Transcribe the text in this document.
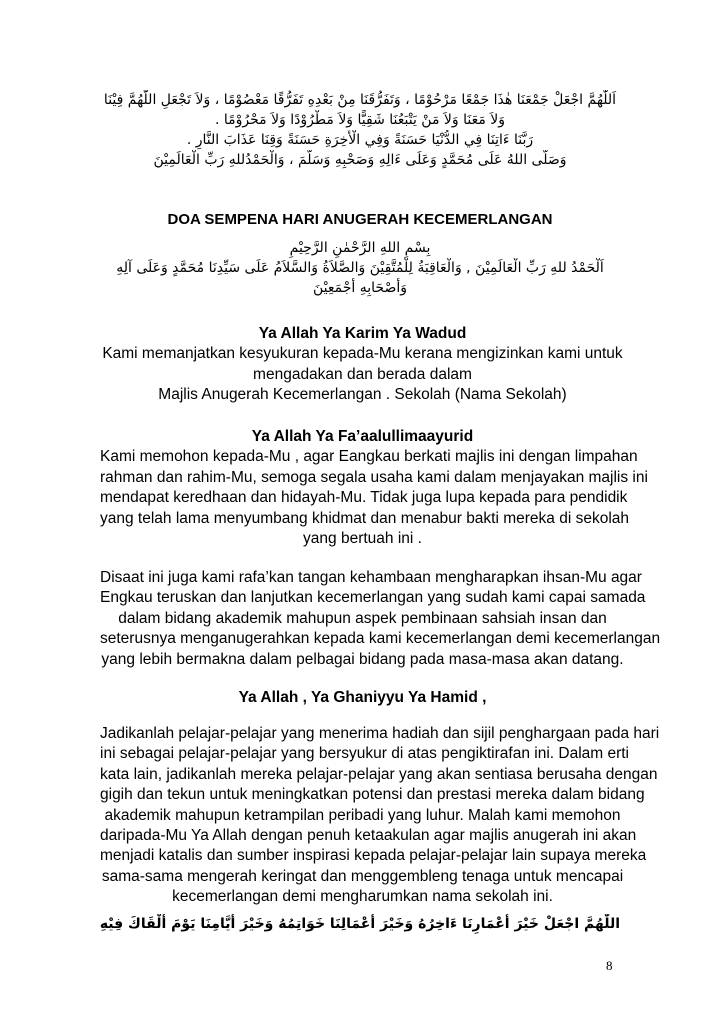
اَللّٰهُمَّ اجْعَلْ جَمْعَنَا هٰذَا جَمْعًا مَرْحُوْمًا ، وَتَفَرُّقَنَا مِنْ بَعْدِهِ تَفَرُّقًا مَعْصُوْمًا ، وَلاَ تَجْعَلِ اللّٰهُمَّ فِيْنَا
وَلاَ مَعَنَا وَلاَ مَنْ يَتْبَعُنَا شَقِيًّا وَلاَ مَطْرُوْدًا وَلاَ مَحْرُوْمًا .
رَبَّنَا ءَاتِنَا فِي الدُّنْيَا حَسَنَةً وَفِي الْأَخِرَةِ حَسَنَةً وَقِنَا عَذَابَ النَّارِ .
وَصَلَّى اللهُ عَلَى مُحَمَّدٍ وَعَلَى ءَالِهِ وَصَحْبِهِ وَسَلَّمَ ، وَالْحَمْدُللهِ رَبِّ الْعَالَمِيْنَ
DOA SEMPENA HARI ANUGERAH KECEMERLANGAN
بِسْمِ اللهِ الرَّحْمٰنِ الرَّحِيْمِ
اَلْحَمْدُ للهِ رَبِّ الْعَالَمِيْنَ , وَالْعَاقِبَةُ لِلْمُتَّقِيْنَ وَالصَّلاَةُ وَالسَّلاَمُ عَلَى سَيِّدِنَا مُحَمَّدٍ وَعَلَى آلِهِ
وَأَصْحَابِهِ أَجْمَعِيْنَ
Ya Allah Ya Karim Ya Wadud
Kami memanjatkan kesyukuran kepada-Mu kerana mengizinkan kami untuk
mengadakan dan berada dalam
Majlis Anugerah Kecemerlangan . Sekolah (Nama Sekolah)
Ya Allah Ya Fa’aalullimaayurid
Kami memohon kepada-Mu , agar Eangkau berkati majlis ini dengan limpahan
rahman dan rahim-Mu, semoga segala usaha kami dalam menjayakan majlis ini
mendapat keredhaan dan hidayah-Mu. Tidak juga lupa kepada para pendidik
yang telah lama menyumbang khidmat dan menabur bakti mereka di sekolah
yang bertuah ini .
Disaat ini juga kami rafa’kan tangan kehambaan mengharapkan ihsan-Mu agar
Engkau teruskan dan lanjutkan kecemerlangan yang sudah kami capai samada
dalam bidang akademik mahupun aspek pembinaan sahsiah insan dan
seterusnya menganugerahkan kepada kami kecemerlangan demi kecemerlangan
yang lebih bermakna dalam pelbagai bidang pada masa-masa akan datang.
Ya Allah , Ya Ghaniyyu Ya Hamid ,
Jadikanlah pelajar-pelajar yang menerima hadiah dan sijil penghargaan pada hari
ini sebagai pelajar-pelajar yang bersyukur di atas pengiktirafan ini. Dalam erti
kata lain, jadikanlah mereka pelajar-pelajar yang akan sentiasa berusaha dengan
gigih dan tekun untuk meningkatkan potensi dan prestasi mereka dalam bidang
akademik mahupun ketrampilan peribadi yang luhur. Malah kami memohon
daripada-Mu Ya Allah dengan penuh ketaakulan agar majlis anugerah ini akan
menjadi katalis dan sumber inspirasi kepada pelajar-pelajar lain supaya mereka
sama-sama mengerah keringat dan menggembleng tenaga untuk mencapai
kecemerlangan demi mengharumkan nama sekolah ini.
اللّٰهُمَّ اجْعَلْ خَيْرَ أَعْمَارِنَا ءَاخِرُهُ وَخَيْرَ أَعْمَالِنَا خَوَاتِمُهُ وَخَيْرَ أَيَّامِنَا يَوْمَ أَلْقَاكَ فِيْهِ
8
